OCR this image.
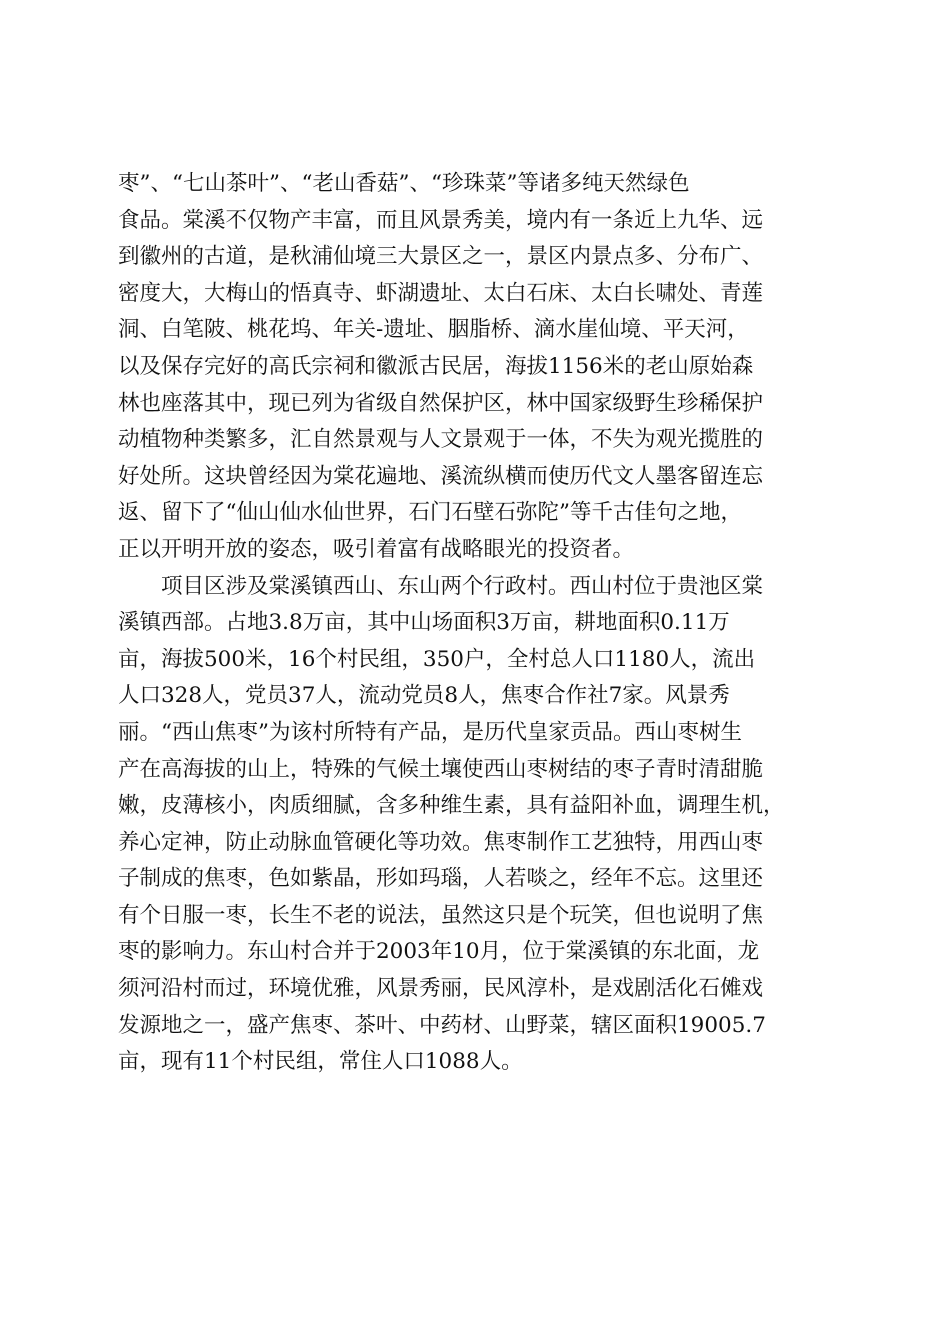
枣”、“七山茶叶”、“老山香菇”、“珍珠菜”等诸多纯天然绿色
食品。棠溪不仅物产丰富，而且风景秀美，境内有一条近上九华、远
到徽州的古道，是秋浦仙境三大景区之一，景区内景点多、分布广、
密度大，大梅山的悟真寺、虾湖遗址、太白石床、太白长啸处、青莲
洞、白笔陂、桃花坞、年关-遗址、胭脂桥、滴水崖仙境、平天河，
以及保存完好的高氏宗祠和徽派古民居，海拔1156米的老山原始森
林也座落其中，现已列为省级自然保护区，林中国家级野生珍稀保护
动植物种类繁多，汇自然景观与人文景观于一体，不失为观光揽胜的
好处所。这块曾经因为棠花遍地、溪流纵横而使历代文人墨客留连忘
返、留下了“仙山仙水仙世界，石门石壁石弥陀”等千古佳句之地，
正以开明开放的姿态，吸引着富有战略眼光的投资者。
项目区涉及棠溪镇西山、东山两个行政村。西山村位于贵池区棠
溪镇西部。占地3.8万亩，其中山场面积3万亩，耕地面积0.11万
亩，海拔500米，16个村民组，350户，全村总人口1180人，流出
人口328人，党员37人，流动党员8人，焦枣合作社7家。风景秀
丽。“西山焦枣”为该村所特有产品，是历代皇家贡品。西山枣树生
产在高海拔的山上，特殊的气候土壤使西山枣树结的枣子青时清甜脆
嫩，皮薄核小，肉质细腻，含多种维生素，具有益阳补血，调理生机，
养心定神，防止动脉血管硬化等功效。焦枣制作工艺独特，用西山枣
子制成的焦枣，色如紫晶，形如玛瑙，人若啖之，经年不忘。这里还
有个日服一枣，长生不老的说法，虽然这只是个玩笑，但也说明了焦
枣的影响力。东山村合并于2003年10月，位于棠溪镇的东北面，龙
须河沿村而过，环境优雅，风景秀丽，民风淳朴，是戏剧活化石傩戏
发源地之一，盛产焦枣、茶叶、中药材、山野菜，辖区面积19005.7
亩，现有11个村民组，常住人口1088人。
